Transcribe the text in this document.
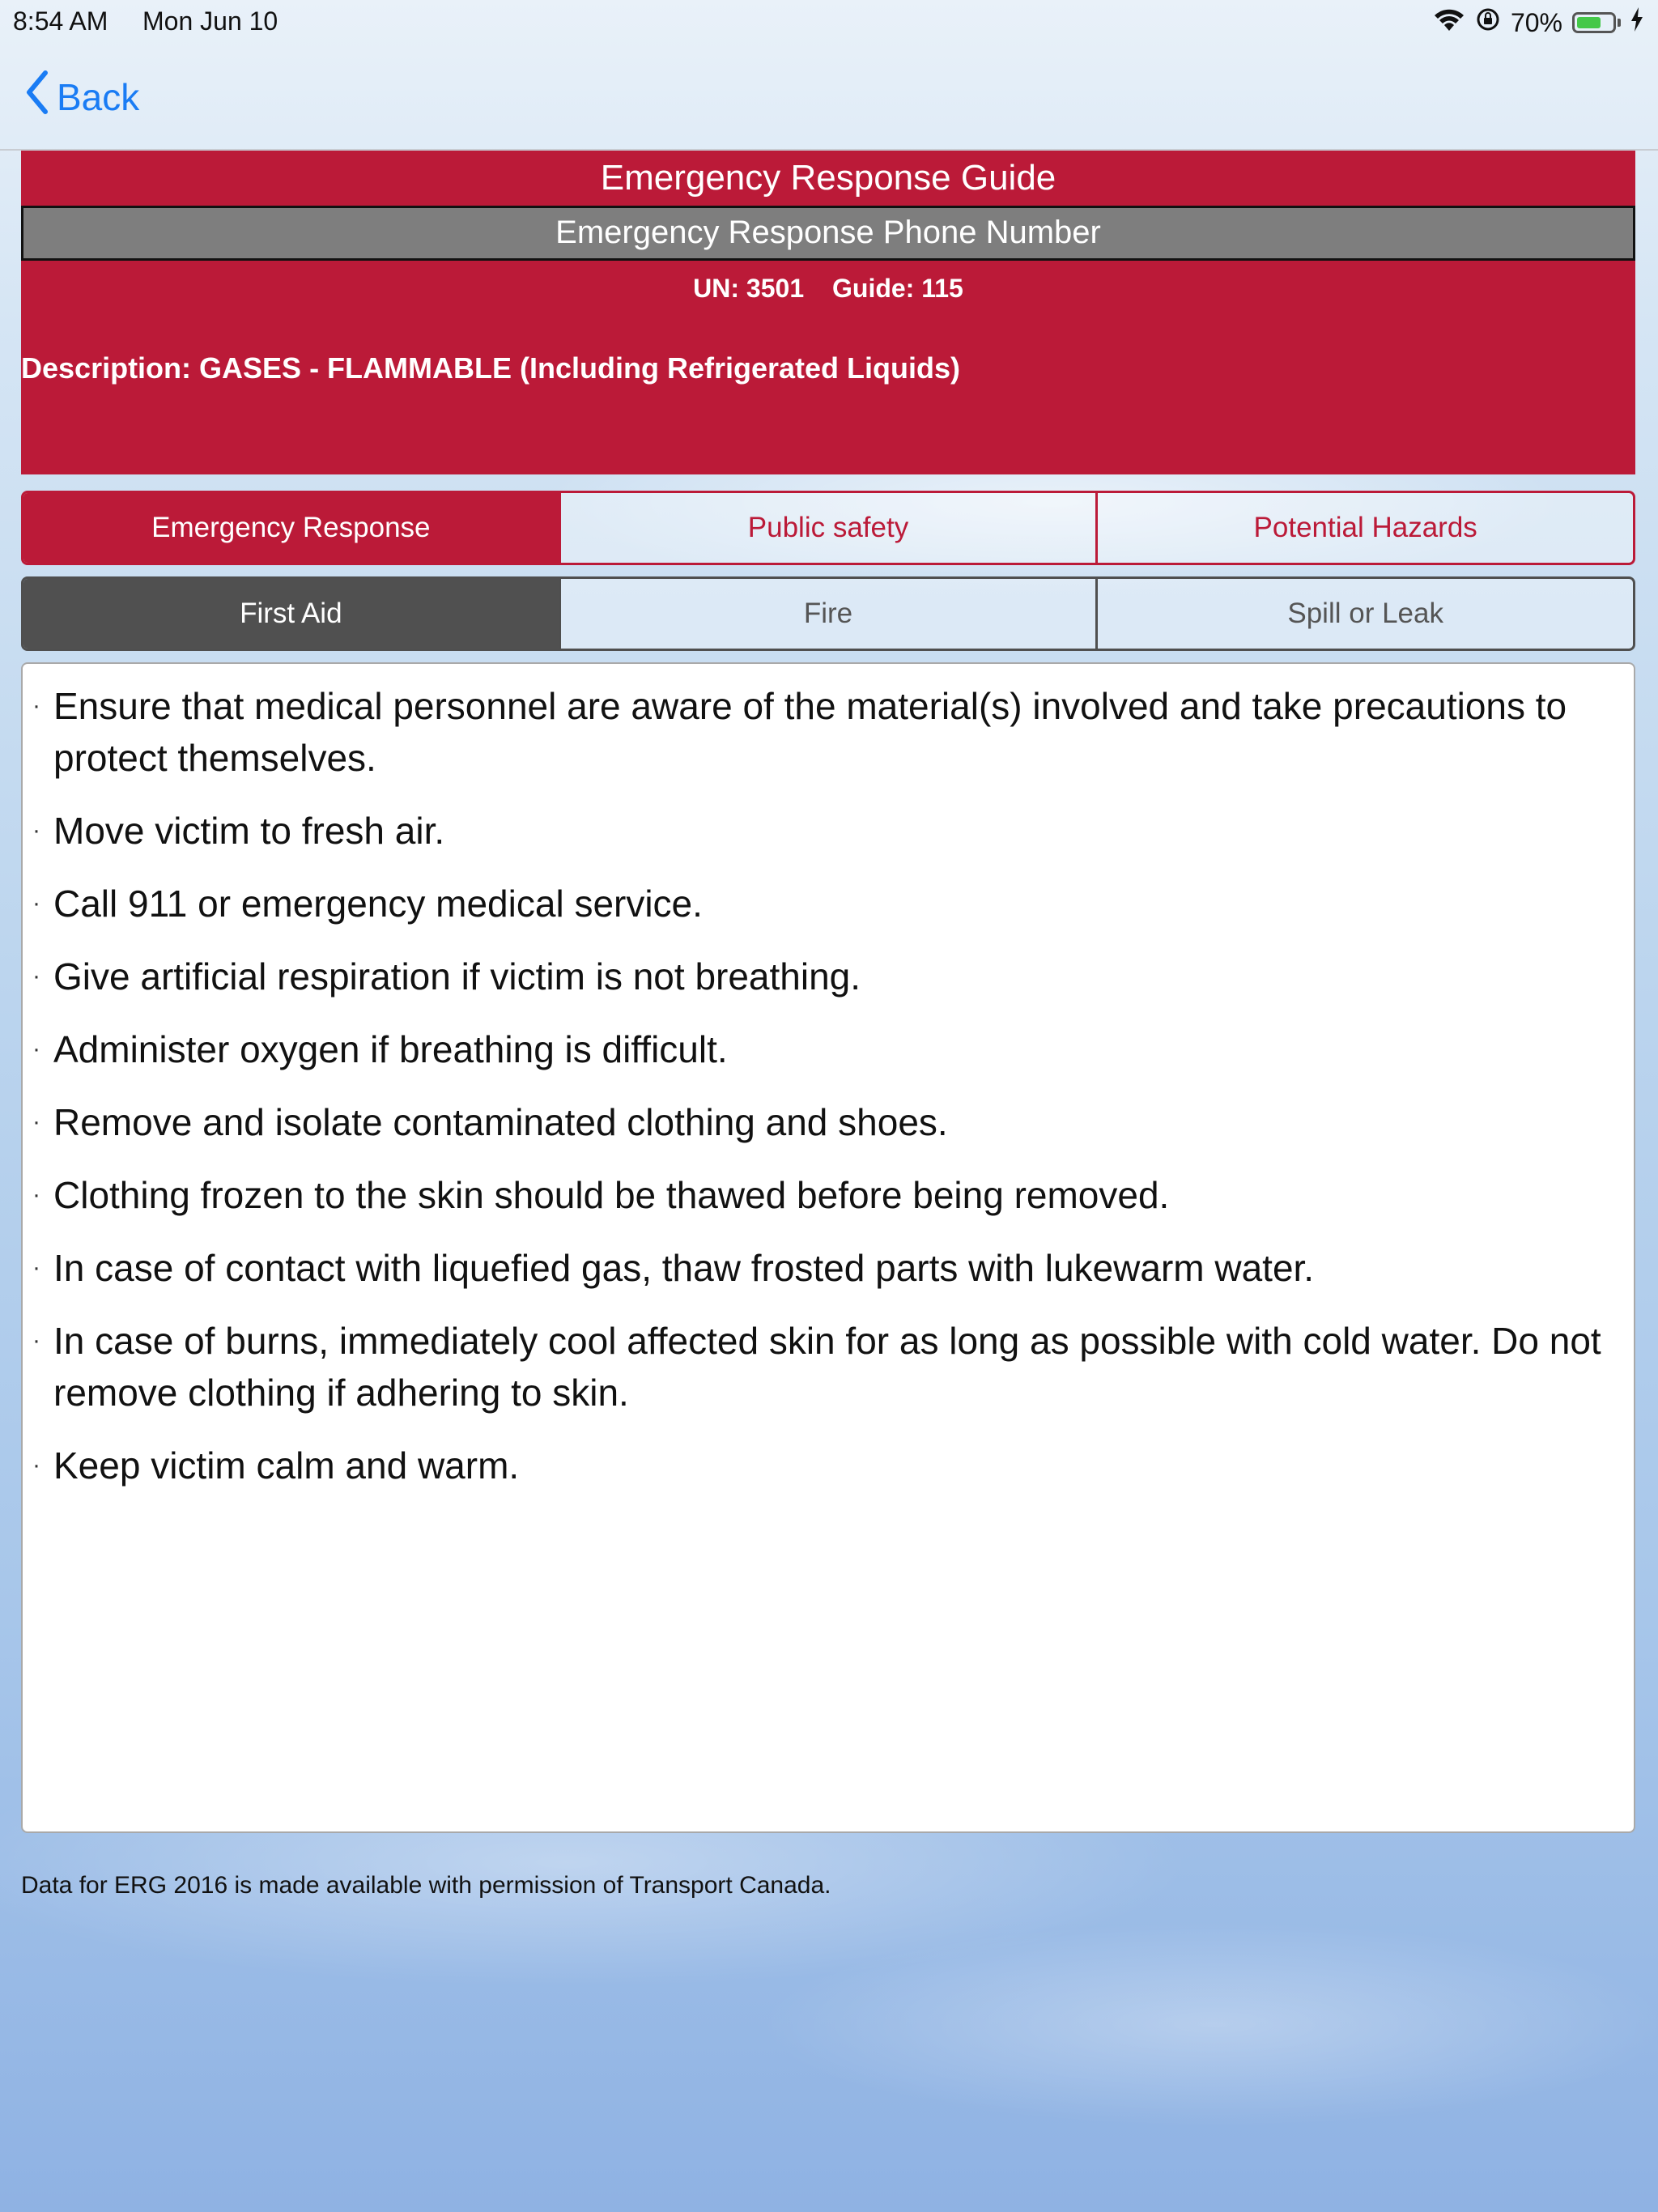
8:54 AM Mon Jun 10	70%
Back
Emergency Response Guide
Emergency Response Phone Number
UN: 3501 Guide: 115
Description: GASES - FLAMMABLE (Including Refrigerated Liquids)
Emergency Response	Public safety	Potential Hazards
First Aid	Fire	Spill or Leak
· Ensure that medical personnel are aware of the material(s) involved and take precautions to protect themselves.
· Move victim to fresh air.
· Call 911 or emergency medical service.
· Give artificial respiration if victim is not breathing.
· Administer oxygen if breathing is difficult.
· Remove and isolate contaminated clothing and shoes.
· Clothing frozen to the skin should be thawed before being removed.
· In case of contact with liquefied gas, thaw frosted parts with lukewarm water.
· In case of burns, immediately cool affected skin for as long as possible with cold water. Do not remove clothing if adhering to skin.
· Keep victim calm and warm.
Data for ERG 2016 is made available with permission of Transport Canada.
